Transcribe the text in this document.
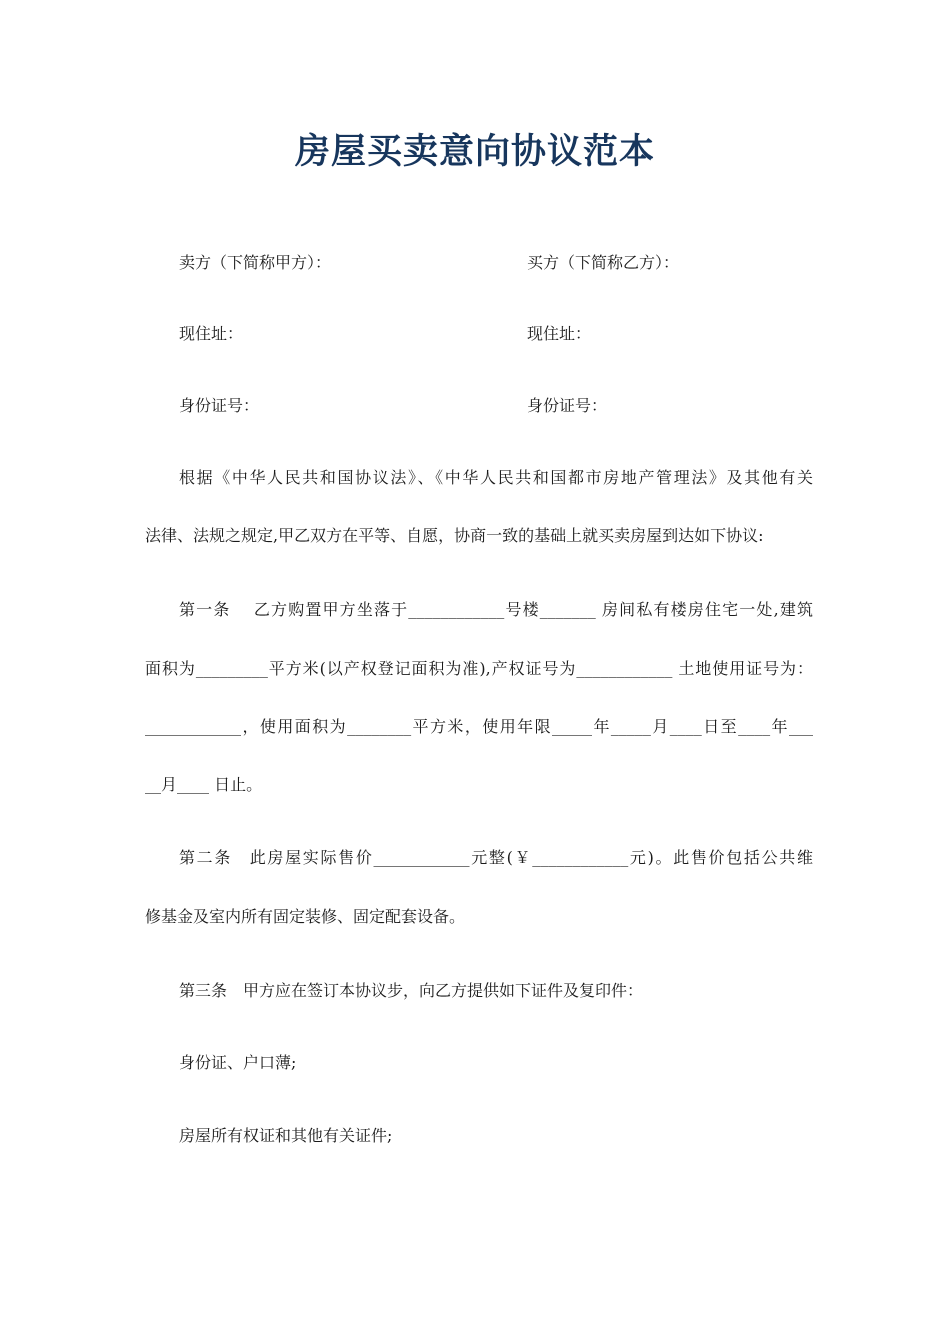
房屋买卖意向协议范本
卖方（下简称甲方）：	买方（下简称乙方）：
现住址：	现住址：
身份证号：	身份证号：
根据《中华人民共和国协议法》、《中华人民共和国都市房地产管理法》及其他有关
法律、法规之规定,甲乙双方在平等、自愿，协商一致的基础上就买卖房屋到达如下协议:
第一条　 乙方购置甲方坐落于____________号楼_______ 房间私有楼房住宅一处,建筑
面积为_________平方米(以产权登记面积为准),产权证号为____________ 土地使用证号为：
____________，使用面积为________平方米，使用年限_____年_____月____日至____年___
__月____ 日止。
第二条　此房屋实际售价____________元整(￥____________元)。此售价包括公共维
修基金及室内所有固定装修、固定配套设备。
第三条　甲方应在签订本协议步，向乙方提供如下证件及复印件：
身份证、户口薄;
房屋所有权证和其他有关证件;
